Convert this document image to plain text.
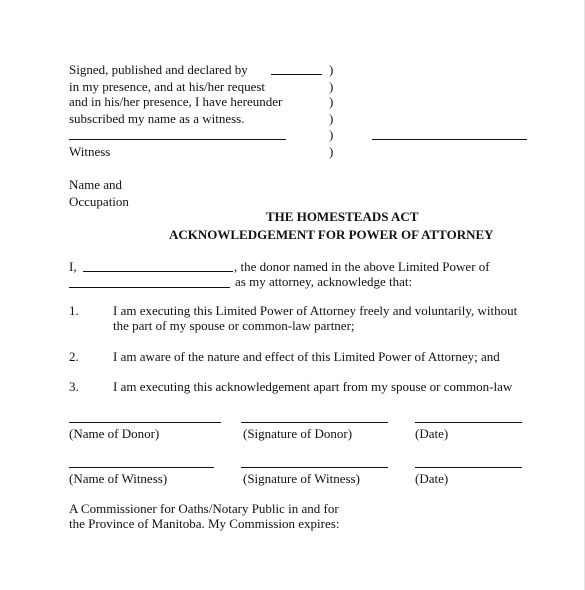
Signed, published and declared by
in my presence, and at his/her request
and in his/her presence, I have hereunder
subscribed my name as a witness.
Witness
)
)
)
)
)
)
Name and
Occupation
THE HOMESTEADS ACT
ACKNOWLEDGEMENT FOR POWER OF ATTORNEY
I,	, the donor named in the above Limited Power of
as my attorney, acknowledge that:
1.	I am executing this Limited Power of Attorney freely and voluntarily, without
the part of my spouse or common-law partner;
2.	I am aware of the nature and effect of this Limited Power of Attorney; and
3.	I am executing this acknowledgement apart from my spouse or common-law
(Name of Donor)	(Signature of Donor)	(Date)
(Name of Witness)	(Signature of Witness)	(Date)
A Commissioner for Oaths/Notary Public in and for
the Province of Manitoba. My Commission expires:
